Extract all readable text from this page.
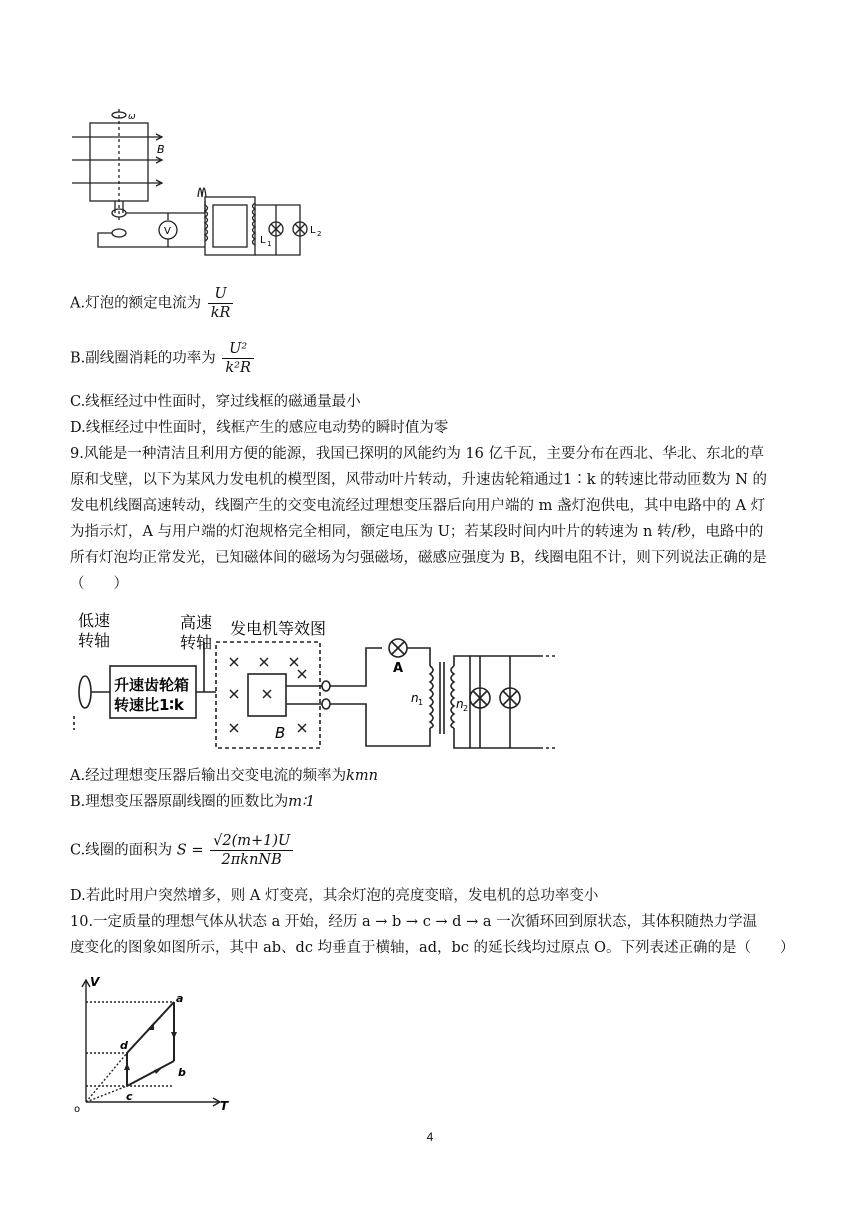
ω
B
V
L 1
L 2
A.灯泡的额定电流为 $\frac{U}{kR}$
B.副线圈消耗的功率为 $\frac{\text{U²}}{\text{k²R}}$
C.线框经过中性面时，穿过线框的磁通量最小
D.线框经过中性面时，线框产生的感应电动势的瞬时值为零
9.风能是一种清洁且利用方便的能源，我国已探明的风能约为 16 亿千瓦，主要分布在西北、华北、东北的草
原和戈壁，以下为某风力发电机的模型图，风带动叶片转动，升速齿轮箱通过1∶k 的转速比带动匝数为 N 的
发电机线圈高速转动，线圈产生的交变电流经过理想变压器后向用户端的 m 盏灯泡供电，其中电路中的 A 灯
为指示灯，A 与用户端的灯泡规格完全相同，额定电压为 U；若某段时间内叶片的转速为 n 转/秒，电路中的
所有灯泡均正常发光，已知磁体间的磁场为匀强磁场，磁感应强度为 B，线圈电阻不计，则下列说法正确的是
（　　）
低速
转轴
高速
转轴
发电机等效图
升速齿轮箱
转速比1∶k
B
A
n 1	n 2
A.经过理想变压器后输出交变电流的频率为kmn
B.理想变压器原副线圈的匝数比为m∶1
C.线圈的面积为 $S = \frac{√2(m+1)U}{\text{2πknNB}}$
D.若此时用户突然增多，则 A 灯变亮，其余灯泡的亮度变暗，发电机的总功率变小
10.一定质量的理想气体从状态 a 开始，经历 a → b → c → d → a 一次循环回到原状态，其体积随热力学温
度变化的图象如图所示，其中 ab、dc 均垂直于横轴，ad，bc 的延长线均过原点 O。下列表述正确的是（　　）
V
T
o
a
b
c
d
4
